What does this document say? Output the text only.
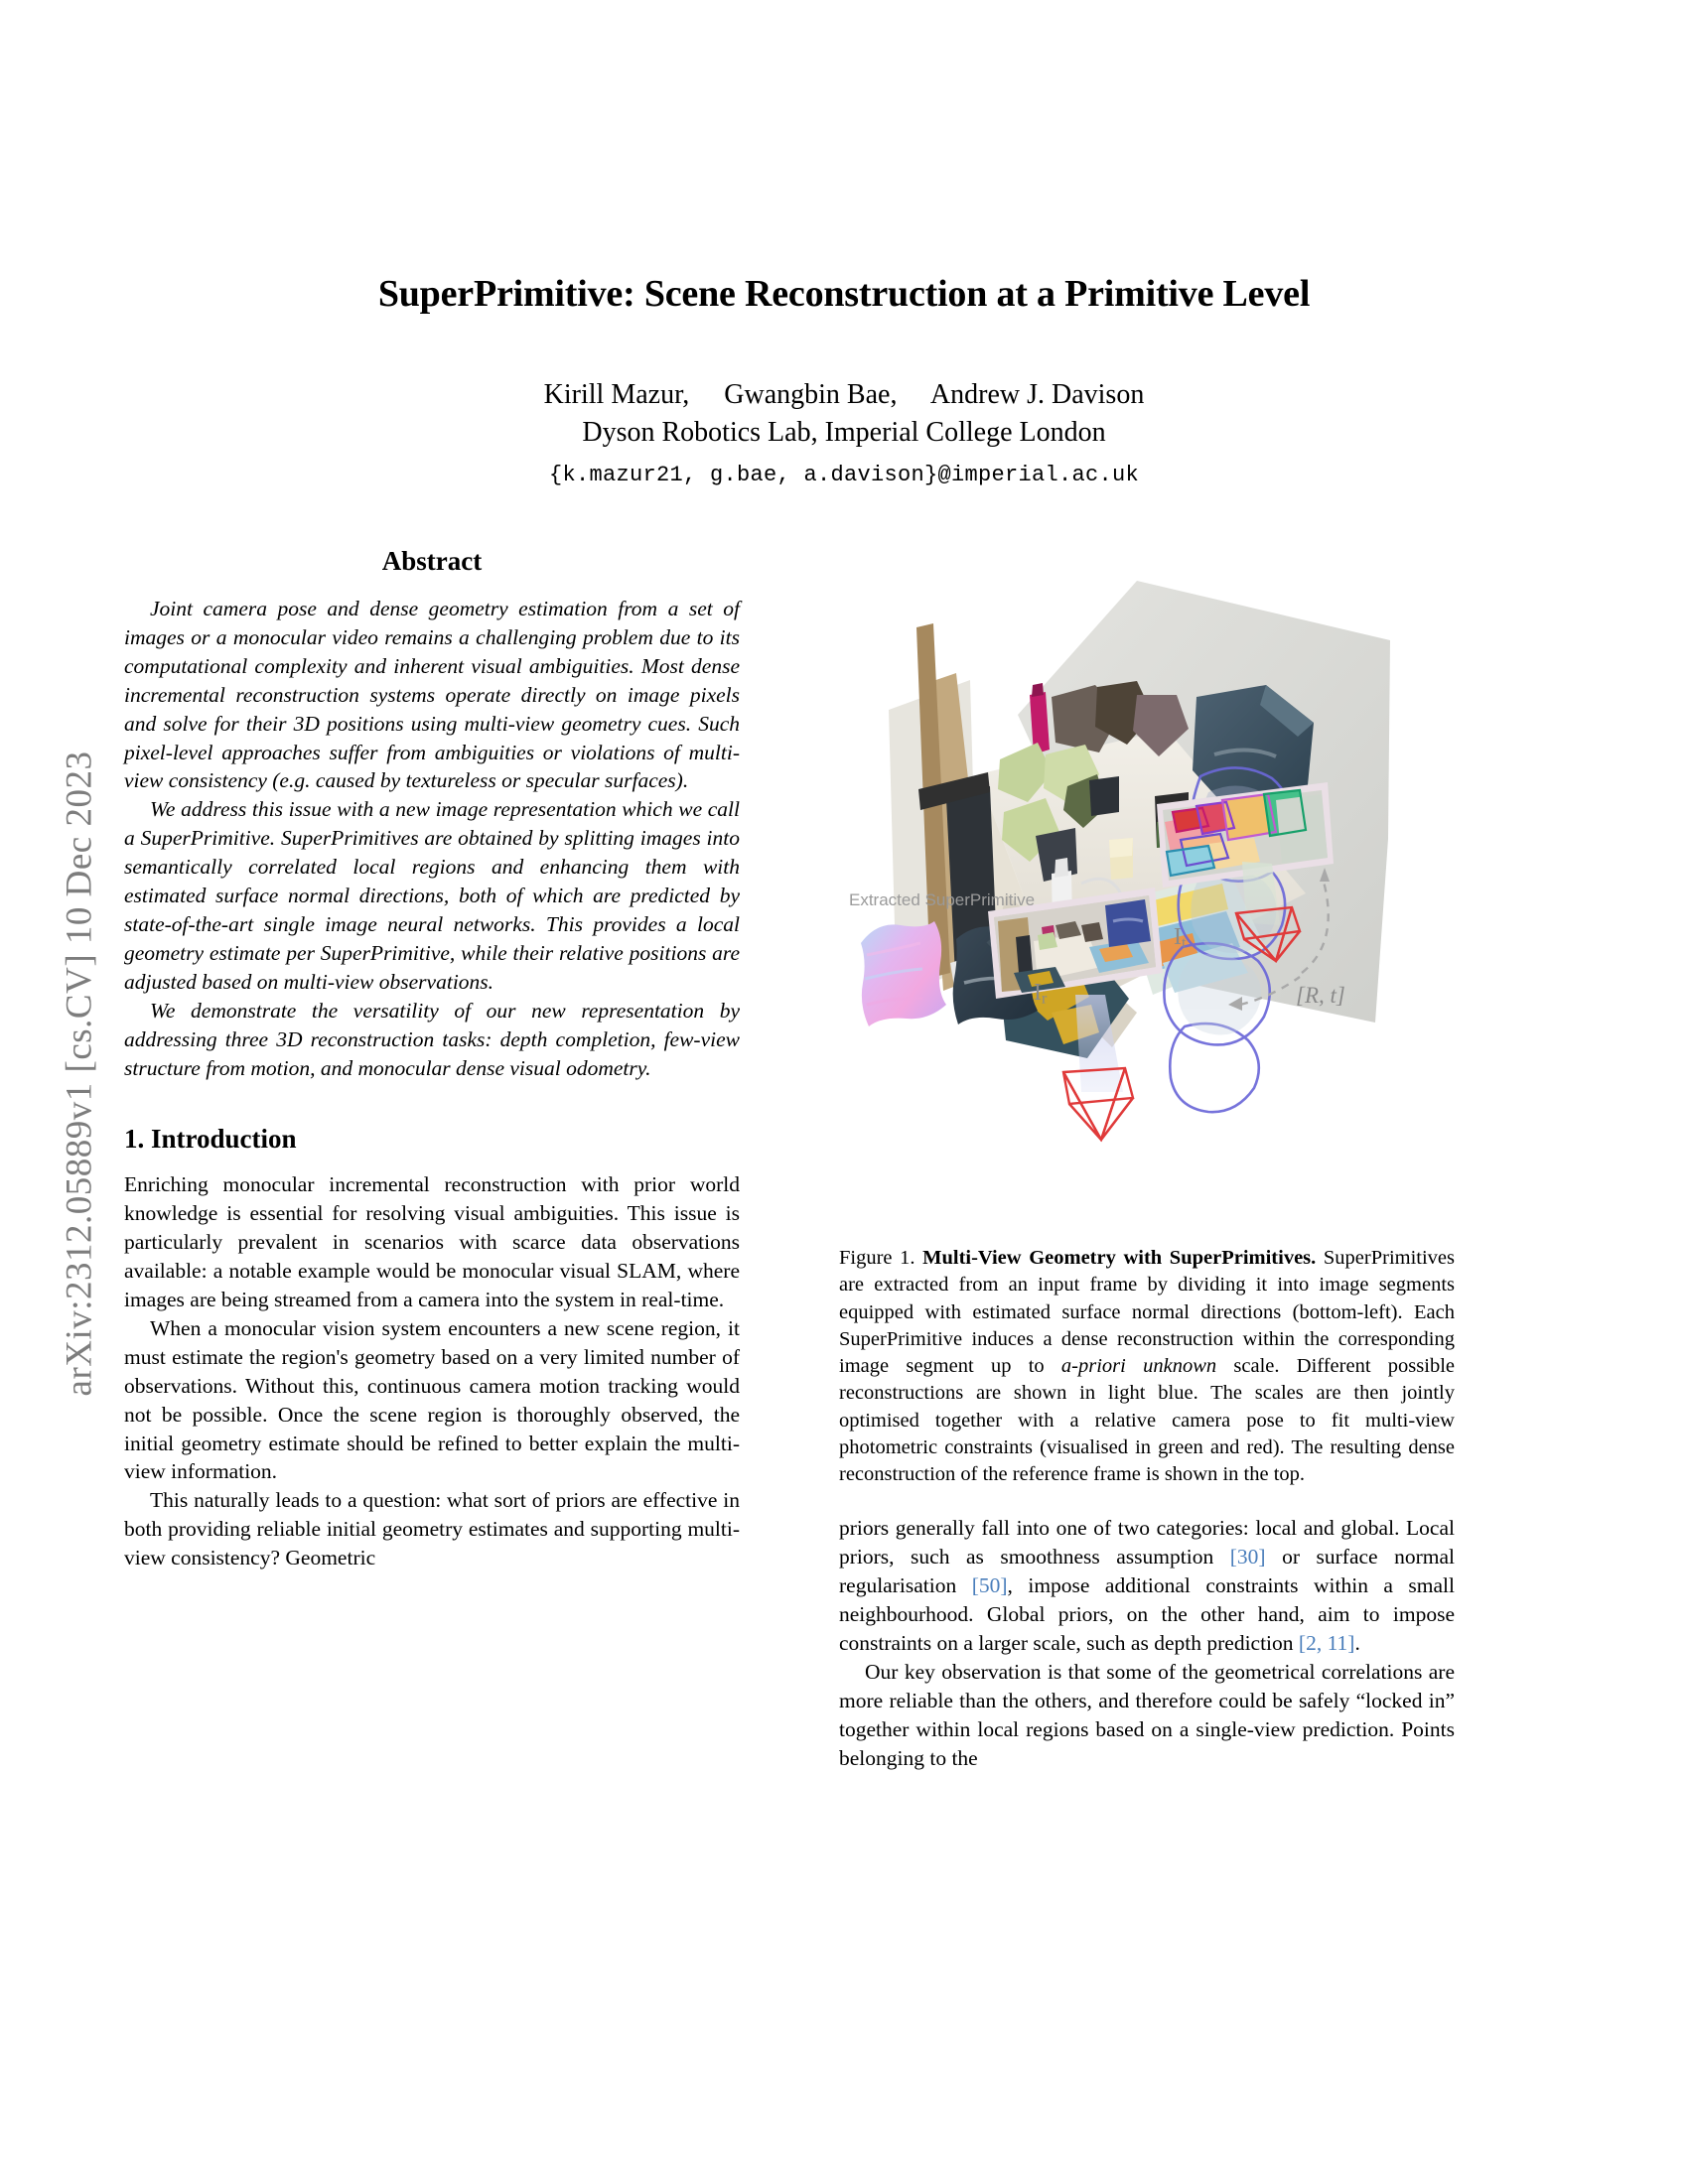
arXiv:2312.05889v1 [cs.CV] 10 Dec 2023
SuperPrimitive: Scene Reconstruction at a Primitive Level
Kirill Mazur,     Gwangbin Bae,     Andrew J. Davison
Dyson Robotics Lab, Imperial College London
{k.mazur21, g.bae, a.davison}@imperial.ac.uk
Abstract

Joint camera pose and dense geometry estimation from a set of images or a monocular video remains a challenging problem due to its computational complexity and inherent visual ambiguities. Most dense incremental reconstruction systems operate directly on image pixels and solve for their 3D positions using multi-view geometry cues. Such pixel-level approaches suffer from ambiguities or violations of multi-view consistency (e.g. caused by textureless or specular surfaces).

We address this issue with a new image representation which we call a SuperPrimitive. SuperPrimitives are obtained by splitting images into semantically correlated local regions and enhancing them with estimated surface normal directions, both of which are predicted by state-of-the-art single image neural networks. This provides a local geometry estimate per SuperPrimitive, while their relative positions are adjusted based on multi-view observations.

We demonstrate the versatility of our new representation by addressing three 3D reconstruction tasks: depth completion, few-view structure from motion, and monocular dense visual odometry.

1. Introduction

Enriching monocular incremental reconstruction with prior world knowledge is essential for resolving visual ambiguities. This issue is particularly prevalent in scenarios with scarce data observations available: a notable example would be monocular visual SLAM, where images are being streamed from a camera into the system in real-time.

When a monocular vision system encounters a new scene region, it must estimate the region's geometry based on a very limited number of observations. Without this, continuous camera motion tracking would not be possible. Once the scene region is thoroughly observed, the initial geometry estimate should be refined to better explain the multi-view information.

This naturally leads to a question: what sort of priors are effective in both providing reliable initial geometry estimates and supporting multi-view consistency? Geometric

Extracted SuperPrimitive
$I_r$
$I_t$
[R, t]

Figure 1. Multi-View Geometry with SuperPrimitives. SuperPrimitives are extracted from an input frame by dividing it into image segments equipped with estimated surface normal directions (bottom-left). Each SuperPrimitive induces a dense reconstruction within the corresponding image segment up to a-priori unknown scale. Different possible reconstructions are shown in light blue. The scales are then jointly optimised together with a relative camera pose to fit multi-view photometric constraints (visualised in green and red). The resulting dense reconstruction of the reference frame is shown in the top.

priors generally fall into one of two categories: local and global. Local priors, such as smoothness assumption [30] or surface normal regularisation [50], impose additional constraints within a small neighbourhood. Global priors, on the other hand, aim to impose constraints on a larger scale, such as depth prediction [2, 11].

Our key observation is that some of the geometrical correlations are more reliable than the others, and therefore could be safely “locked in” together within local regions based on a single-view prediction. Points belonging to the
